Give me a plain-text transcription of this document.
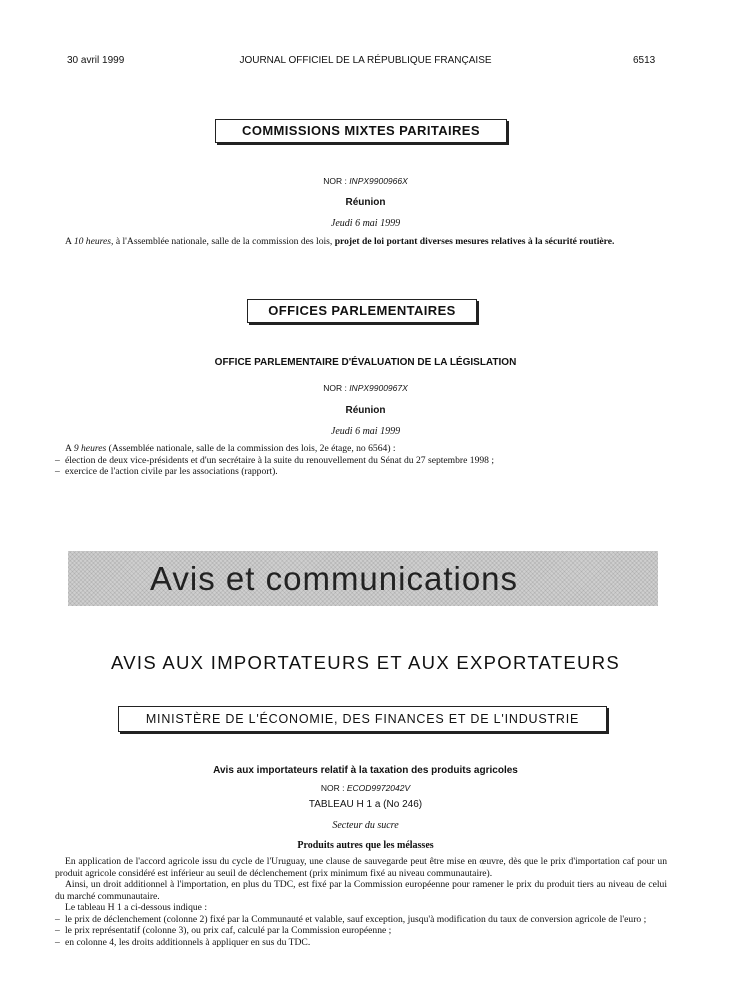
30 avril 1999	JOURNAL OFFICIEL DE LA RÉPUBLIQUE FRANÇAISE	6513
COMMISSIONS MIXTES PARITAIRES
NOR : INPX9900966X
Réunion
Jeudi 6 mai 1999
A 10 heures, à l'Assemblée nationale, salle de la commission des lois, projet de loi portant diverses mesures relatives à la sécurité routière.
OFFICES PARLEMENTAIRES
OFFICE PARLEMENTAIRE D'ÉVALUATION DE LA LÉGISLATION
NOR : INPX9900967X
Réunion
Jeudi 6 mai 1999
A 9 heures (Assemblée nationale, salle de la commission des lois, 2e étage, no 6564) :
– élection de deux vice-présidents et d'un secrétaire à la suite du renouvellement du Sénat du 27 septembre 1998 ;
– exercice de l'action civile par les associations (rapport).
Avis et communications
AVIS AUX IMPORTATEURS ET AUX EXPORTATEURS
MINISTÈRE DE L'ÉCONOMIE, DES FINANCES ET DE L'INDUSTRIE
Avis aux importateurs relatif à la taxation des produits agricoles
NOR : ECOD9972042V
TABLEAU H 1 a (No 246)
Secteur du sucre
Produits autres que les mélasses
En application de l'accord agricole issu du cycle de l'Uruguay, une clause de sauvegarde peut être mise en œuvre, dès que le prix d'importation caf pour un produit agricole considéré est inférieur au seuil de déclenchement (prix minimum fixé au niveau communautaire).
Ainsi, un droit additionnel à l'importation, en plus du TDC, est fixé par la Commission européenne pour ramener le prix du produit tiers au niveau de celui du marché communautaire.
Le tableau H 1 a ci-dessous indique :
– le prix de déclenchement (colonne 2) fixé par la Communauté et valable, sauf exception, jusqu'à modification du taux de conversion agricole de l'euro ;
– le prix représentatif (colonne 3), ou prix caf, calculé par la Commission européenne ;
– en colonne 4, les droits additionnels à appliquer en sus du TDC.
